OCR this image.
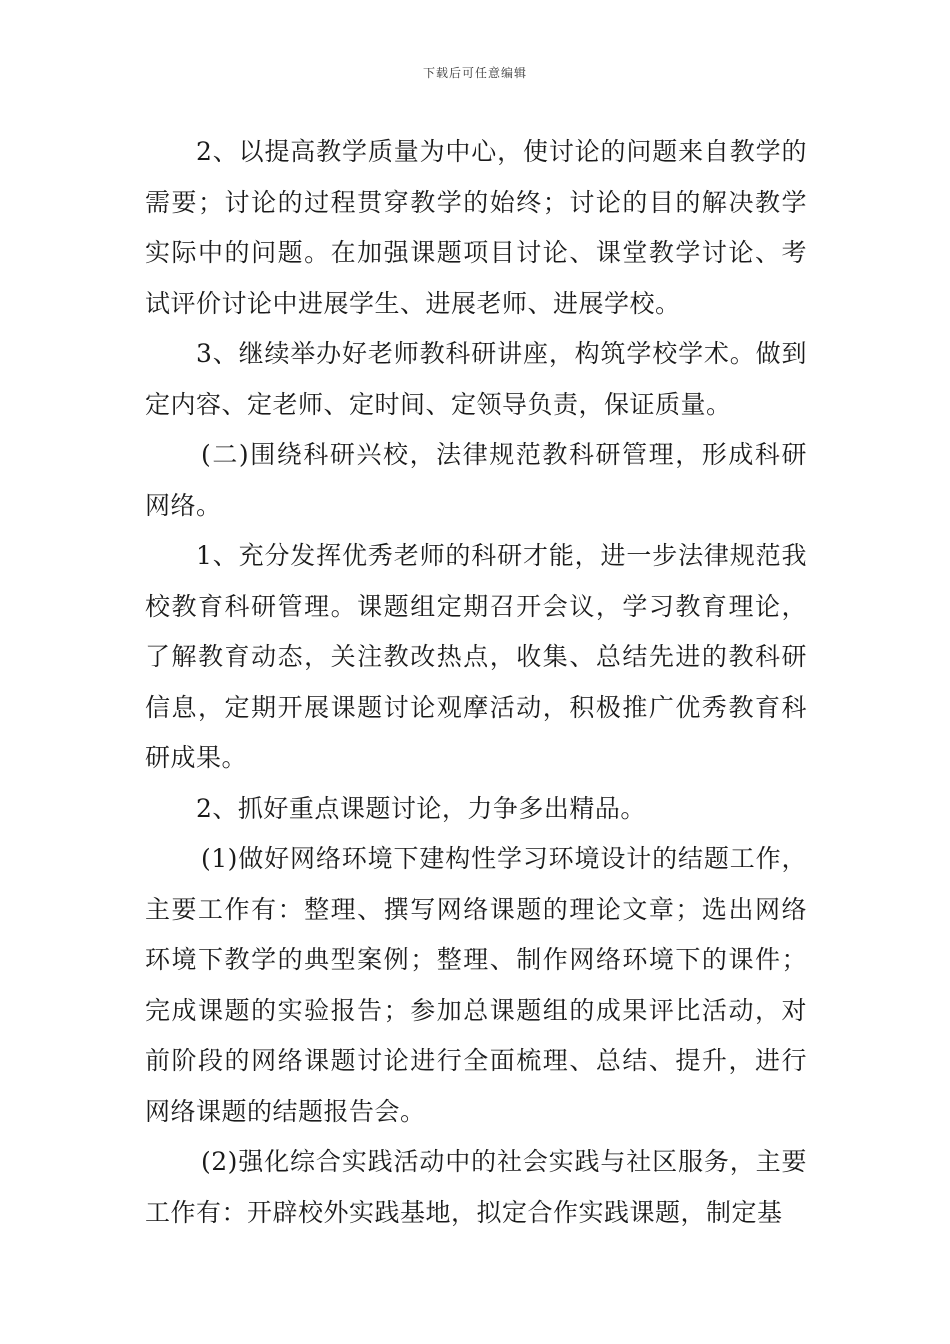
下载后可任意编辑

2、以提高教学质量为中心，使讨论的问题来自教学的需要；讨论的过程贯穿教学的始终；讨论的目的解决教学实际中的问题。在加强课题项目讨论、课堂教学讨论、考试评价讨论中进展学生、进展老师、进展学校。

3、继续举办好老师教科研讲座，构筑学校学术。做到定内容、定老师、定时间、定领导负责，保证质量。

(二)围绕科研兴校，法律规范教科研管理，形成科研网络。

1、充分发挥优秀老师的科研才能，进一步法律规范我校教育科研管理。课题组定期召开会议，学习教育理论，了解教育动态，关注教改热点，收集、总结先进的教科研信息，定期开展课题讨论观摩活动，积极推广优秀教育科研成果。

2、抓好重点课题讨论，力争多出精品。

(1)做好网络环境下建构性学习环境设计的结题工作，主要工作有：整理、撰写网络课题的理论文章；选出网络环境下教学的典型案例；整理、制作网络环境下的课件；完成课题的实验报告；参加总课题组的成果评比活动，对前阶段的网络课题讨论进行全面梳理、总结、提升，进行网络课题的结题报告会。

(2)强化综合实践活动中的社会实践与社区服务，主要工作有：开辟校外实践基地，拟定合作实践课题，制定基
